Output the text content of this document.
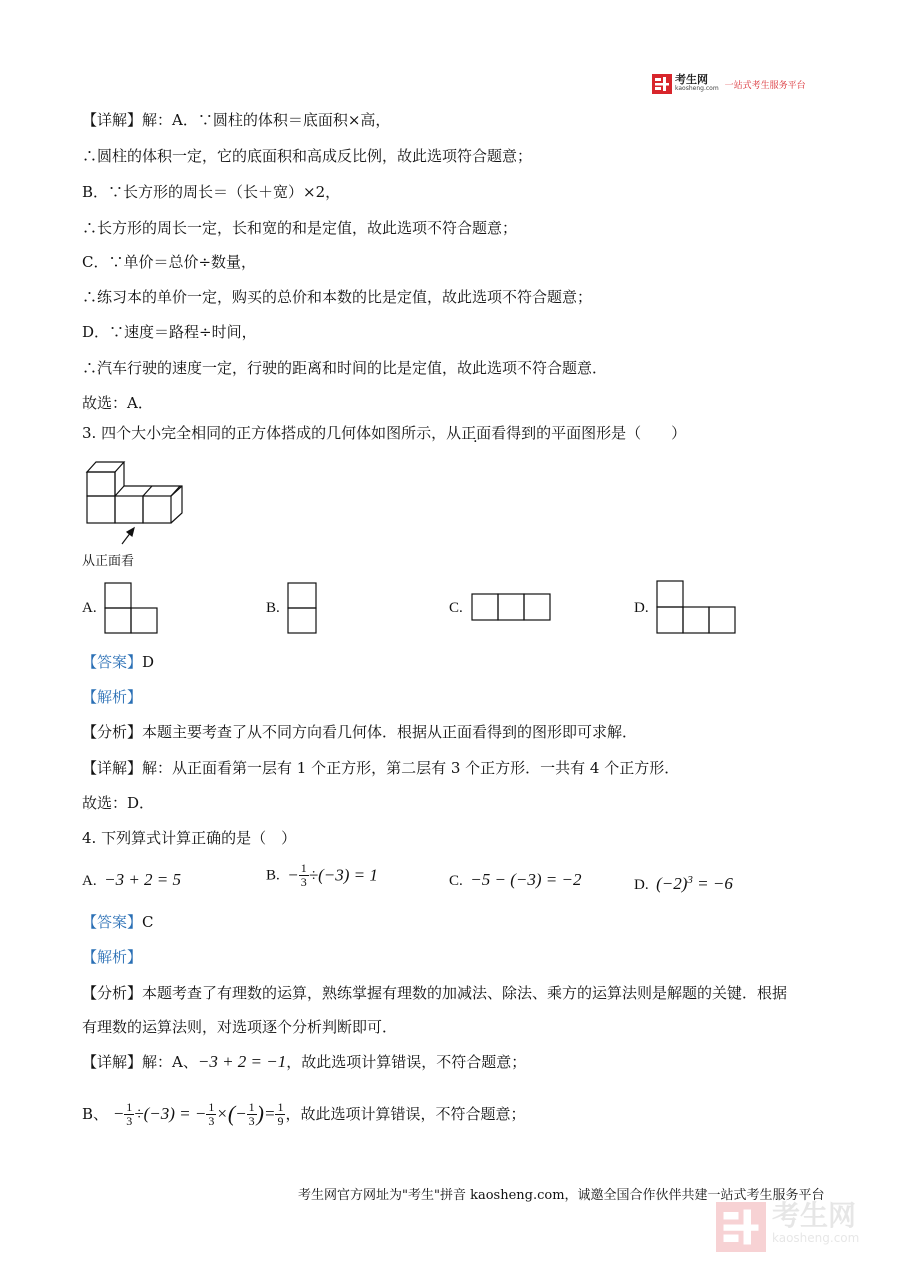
考生网
kaosheng.com 一站式考生服务平台
【详解】解：A．∵圆柱的体积＝底面积×高，
∴圆柱的体积一定，它的底面积和高成反比例，故此选项符合题意；
B．∵长方形的周长＝（长＋宽）×2，
∴长方形的周长一定，长和宽的和是定值，故此选项不符合题意；
C．∵单价＝总价÷数量，
∴练习本的单价一定，购买的总价和本数的比是定值，故此选项不符合题意；
D．∵速度＝路程÷时间，
∴汽车行驶的速度一定，行驶的距离和时间的比是定值，故此选项不符合题意．
故选：A．
3. 四个大小完全相同的正方体搭成的几何体如图所示，从正面看得到的平面图形是（　　）
从正面看
A.	B.	C.	D.
【答案】D
【解析】
【分析】本题主要考查了从不同方向看几何体．根据从正面看得到的图形即可求解．
【详解】解：从正面看第一层有 1 个正方形，第二层有 3 个正方形．一共有 4 个正方形．
故选：D．
4. 下列算式计算正确的是（　）
A. −3 + 2 = 5	B. − $\frac{1}{3} \div(-3) = 1$	C. −5 − (−3) = −2	D. $(-2)^3 = -6$
【答案】C
【解析】
【分析】本题考查了有理数的运算，熟练掌握有理数的加减法、除法、乘方的运算法则是解题的关键．根据
有理数的运算法则，对选项逐个分析判断即可．
【详解】解：A、−3 + 2 = −1，故此选项计算错误，不符合题意；
B、 − $\frac{1}{3} \div(-3)$ = − $\frac{1}{3}$ ×(− $\frac{1}{3}$ )= $\frac{1}{9}$ ，故此选项计算错误，不符合题意；
考生网官方网址为"考生"拼音 kaosheng.com，诚邀全国合作伙伴共建一站式考生服务平台
考生网
kaosheng.com
